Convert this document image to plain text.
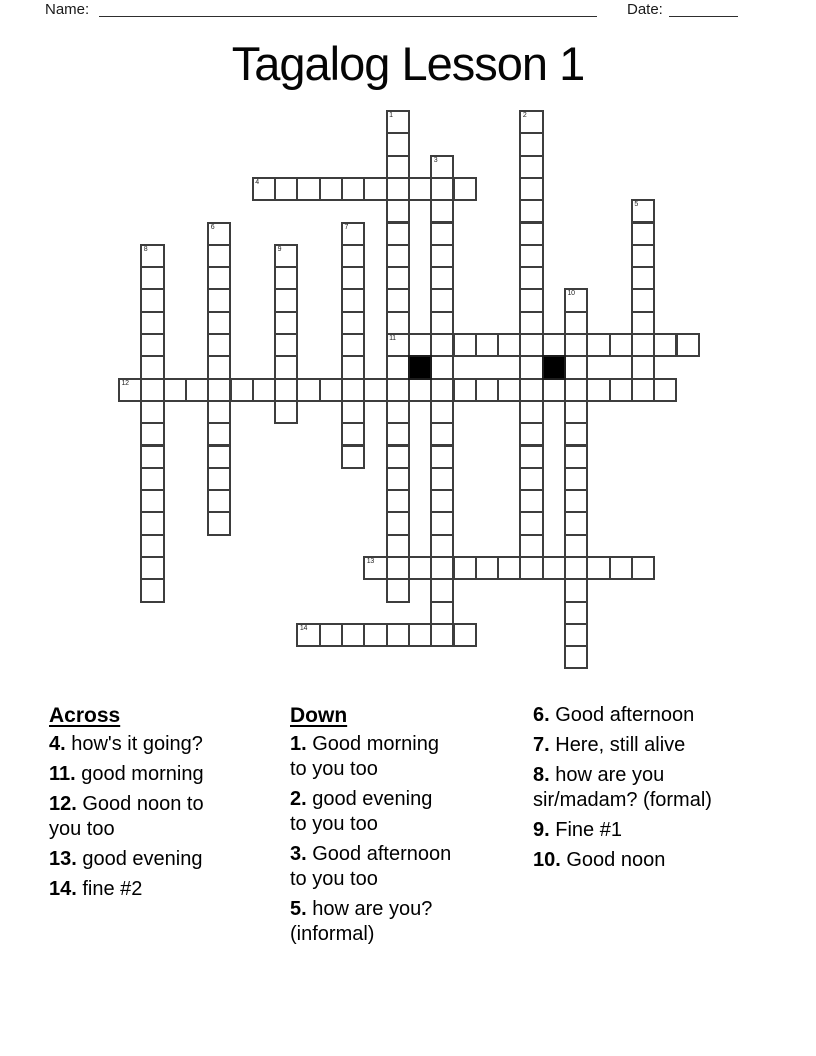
Name:	Date:
Tagalog Lesson 1
1
11
2
3
4
5
6	7
8	9
10
12
13
14
Across
4. how's it going?
11. good morning
12. Good noon to
you too
13. good evening
14. fine #2
Down
1. Good morning
to you too
2. good evening
to you too
3. Good afternoon
to you too
5. how are you?
(informal)
6. Good afternoon
7. Here, still alive
8. how are you
sir/madam? (formal)
9. Fine #1
10. Good noon
